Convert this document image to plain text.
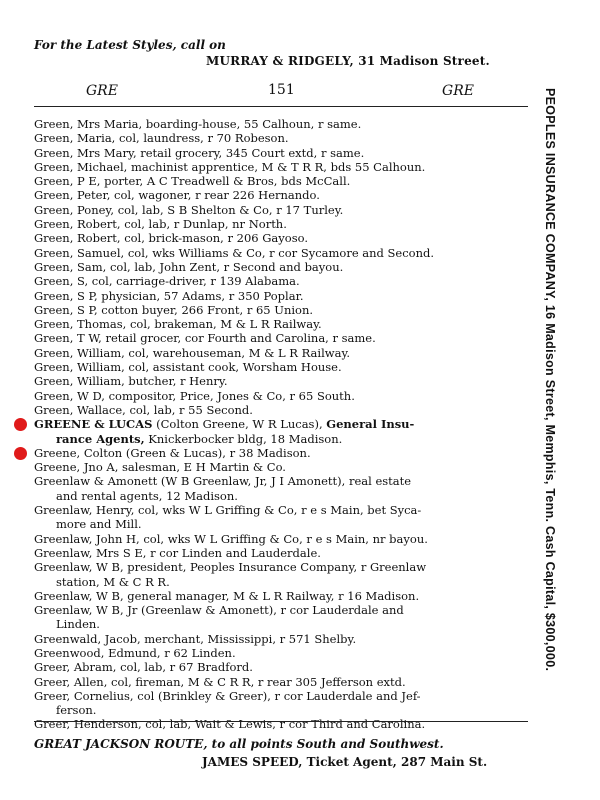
For the Latest Styles, call on
MURRAY & RIDGELY, 31 Madison Street.
GRE	151	GRE
Green, Mrs Maria, boarding-house, 55 Calhoun, r same.
Green, Maria, col, laundress, r 70 Robeson.
Green, Mrs Mary, retail grocery, 345 Court extd, r same.
Green, Michael, machinist apprentice, M & T R R, bds 55 Calhoun.
Green, P E, porter, A C Treadwell & Bros, bds McCall.
Green, Peter, col, wagoner, r rear 226 Hernando.
Green, Poney, col, lab, S B Shelton & Co, r 17 Turley.
Green, Robert, col, lab, r Dunlap, nr North.
Green, Robert, col, brick-mason, r 206 Gayoso.
Green, Samuel, col, wks Williams & Co, r cor Sycamore and Second.
Green, Sam, col, lab, John Zent, r Second and bayou.
Green, S, col, carriage-driver, r 139 Alabama.
Green, S P, physician, 57 Adams, r 350 Poplar.
Green, S P, cotton buyer, 266 Front, r 65 Union.
Green, Thomas, col, brakeman, M & L R Railway.
Green, T W, retail grocer, cor Fourth and Carolina, r same.
Green, William, col, warehouseman, M & L R Railway.
Green, William, col, assistant cook, Worsham House.
Green, William, butcher, r Henry.
Green, W D, compositor, Price, Jones & Co, r 65 South.
Green, Wallace, col, lab, r 55 Second.
GREENE & LUCAS (Colton Greene, W R Lucas), General Insu-
rance Agents, Knickerbocker bldg, 18 Madison.
Greene, Colton (Green & Lucas), r 38 Madison.
Greene, Jno A, salesman, E H Martin & Co.
Greenlaw & Amonett (W B Greenlaw, Jr, J I Amonett), real estate
and rental agents, 12 Madison.
Greenlaw, Henry, col, wks W L Griffing & Co, r e s Main, bet Syca-
more and Mill.
Greenlaw, John H, col, wks W L Griffing & Co, r e s Main, nr bayou.
Greenlaw, Mrs S E, r cor Linden and Lauderdale.
Greenlaw, W B, president, Peoples Insurance Company, r Greenlaw
station, M & C R R.
Greenlaw, W B, general manager, M & L R Railway, r 16 Madison.
Greenlaw, W B, Jr (Greenlaw & Amonett), r cor Lauderdale and
Linden.
Greenwald, Jacob, merchant, Mississippi, r 571 Shelby.
Greenwood, Edmund, r 62 Linden.
Greer, Abram, col, lab, r 67 Bradford.
Greer, Allen, col, fireman, M & C R R, r rear 305 Jefferson extd.
Greer, Cornelius, col (Brinkley & Greer), r cor Lauderdale and Jef-
ferson.
Greer, Henderson, col, lab, Wait & Lewis, r cor Third and Carolina.
PEOPLES INSURANCE COMPANY, 16 Madison Street, Memphis, Tenn. Cash Capital, $300,000.
GREAT JACKSON ROUTE, to all points South and Southwest.
JAMES SPEED, Ticket Agent, 287 Main St.
